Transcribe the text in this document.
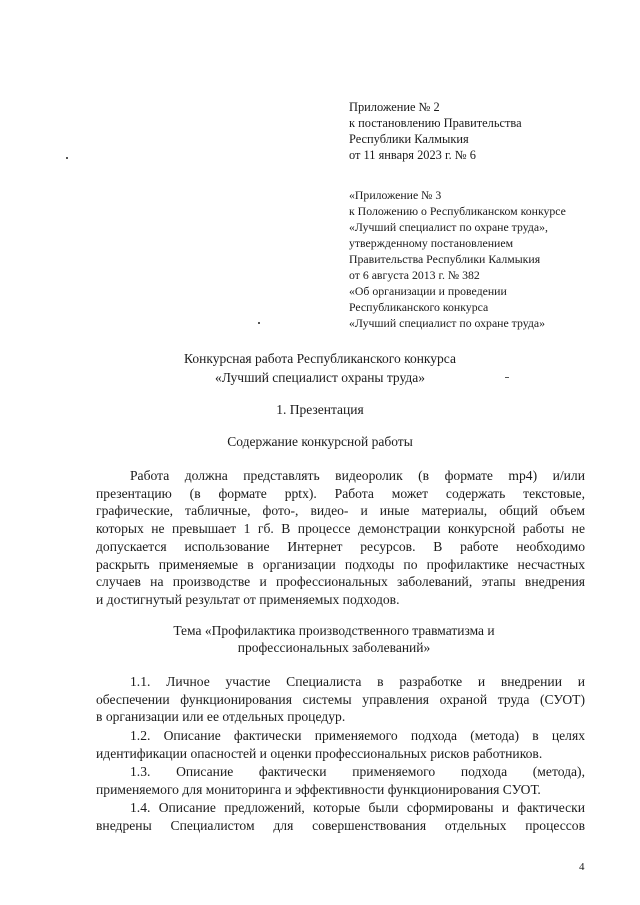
Приложение № 2
к постановлению Правительства
Республики Калмыкия
от 11 января 2023 г. № 6
«Приложение № 3
к Положению о Республиканском конкурсе
«Лучший специалист по охране труда»,
утвержденному постановлением
Правительства Республики Калмыкия
от 6 августа 2013 г. № 382
«Об организации и проведении
Республиканского конкурса
«Лучший специалист по охране труда»
Конкурсная работа Республиканского конкурса
«Лучший специалист охраны труда»
1. Презентация
Содержание конкурсной работы
Работа должна представлять видеоролик (в формате mp4) и/или
презентацию (в формате pptx). Работа может содержать текстовые,
графические, табличные, фото-, видео- и иные материалы, общий объем
которых не превышает 1 гб. В процессе демонстрации конкурсной работы не
допускается использование Интернет ресурсов. В работе необходимо
раскрыть применяемые в организации подходы по профилактике несчастных
случаев на производстве и профессиональных заболеваний, этапы внедрения
и достигнутый результат от применяемых подходов.
Тема «Профилактика производственного травматизма и
профессиональных заболеваний»
1.1. Личное участие Специалиста в разработке и внедрении и
обеспечении функционирования системы управления охраной труда (СУОТ)
в организации или ее отдельных процедур.
1.2. Описание фактически применяемого подхода (метода) в целях
идентификации опасностей и оценки профессиональных рисков работников.
1.3. Описание фактически применяемого подхода (метода),
применяемого для мониторинга и эффективности функционирования СУОТ.
1.4. Описание предложений, которые были сформированы и фактически
внедрены Специалистом для совершенствования отдельных процессов
4
